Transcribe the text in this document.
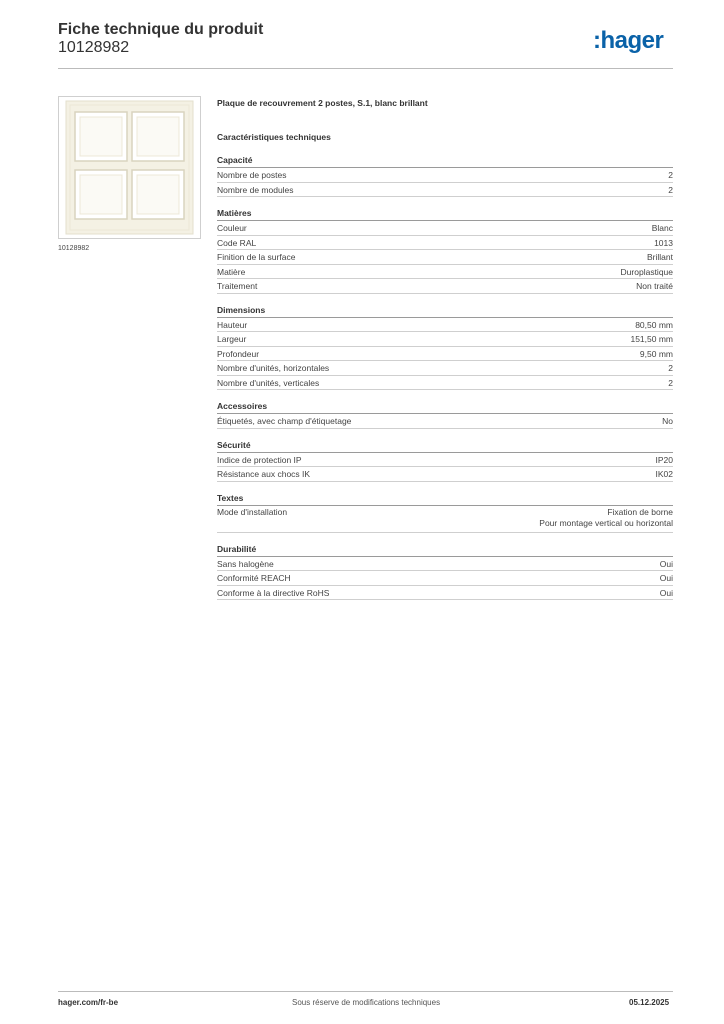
Fiche technique du produit
10128982	:hager
10128982
Plaque de recouvrement 2 postes, S.1, blanc brillant
Caractéristiques techniques
Capacité
Nombre de postes	2
Nombre de modules	2
Matières
Couleur	Blanc
Code RAL	1013
Finition de la surface	Brillant
Matière	Duroplastique
Traitement	Non traité
Dimensions
Hauteur	80,50 mm
Largeur	151,50 mm
Profondeur	9,50 mm
Nombre d'unités, horizontales	2
Nombre d'unités, verticales	2
Accessoires
Étiquetés, avec champ d'étiquetage	No
Sécurité
Indice de protection IP	IP20
Résistance aux chocs IK	IK02
Textes
Mode d'installation	Fixation de borne
Pour montage vertical ou horizontal
Durabilité
Sans halogène	Oui
Conformité REACH	Oui
Conforme à la directive RoHS	Oui
hager.com/fr-be	Sous réserve de modifications techniques	05.12.2025
